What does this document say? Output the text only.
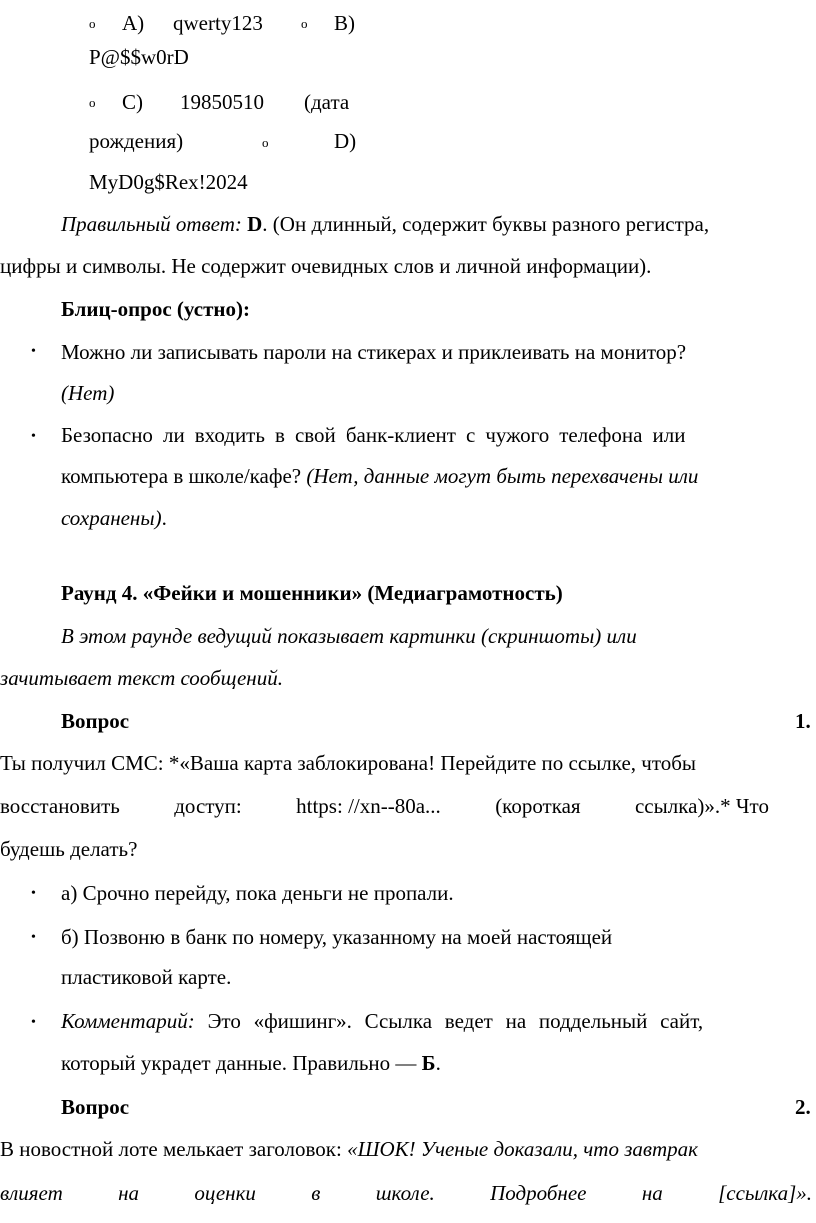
o A) qwerty123	o B)
P@$$w0rD
o C) 19850510 (дата
рождения)	o	D)
MyD0g$Rex!2024
Правильный ответ: D. (Он длинный, содержит буквы разного регистра,
цифры и символы. Не содержит очевидных слов и личной информации).
Блиц-опрос (устно):
• Можно ли записывать пароли на стикерах и приклеивать на монитор?
(Нет)
• Безопасно ли входить в свой банк-клиент с чужого телефона или
компьютера в школе/кафе? (Нет, данные могут быть перехвачены или
сохранены).
Раунд 4. «Фейки и мошенники» (Медиаграмотность)
В этом раунде ведущий показывает картинки (скриншоты) или
зачитывает текст сообщений.
Вопрос	1.
Ты получил СМС: *«Ваша карта заблокирована! Перейдите по ссылке, чтобы
восстановить	доступ:	https: //xn--80a...	(короткая	ссылка)».* Что
будешь делать?
• а) Срочно перейду, пока деньги не пропали.
• б) Позвоню в банк по номеру, указанному на моей настоящей
пластиковой карте.
• Комментарий: Это «фишинг». Ссылка ведет на поддельный сайт,
который украдет данные. Правильно — Б.
Вопрос	2.
В новостной лоте мелькает заголовок: «ШОК! Ученые доказали, что завтрак
влияет	на	оценки	в	школе.	Подробнее	на	[ссылка]».
